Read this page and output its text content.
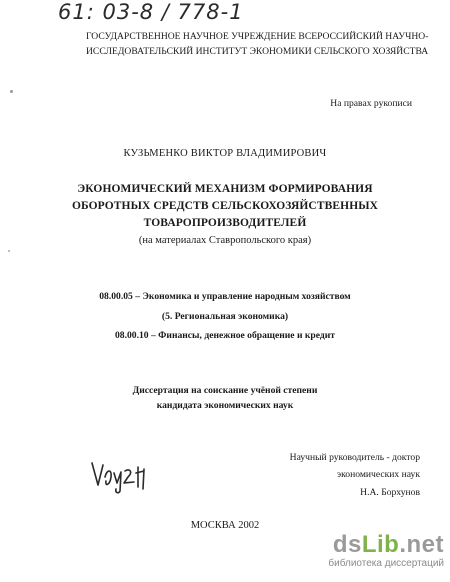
61: 03-8 / 778-1
ГОСУДАРСТВЕННОЕ НАУЧНОЕ УЧРЕЖДЕНИЕ ВСЕРОССИЙСКИЙ НАУЧНО-
ИССЛЕДОВАТЕЛЬСКИЙ ИНСТИТУТ ЭКОНОМИКИ СЕЛЬСКОГО ХОЗЯЙСТВА
На правах рукописи
КУЗЬМЕНКО ВИКТОР ВЛАДИМИРОВИЧ
ЭКОНОМИЧЕСКИЙ МЕХАНИЗМ ФОРМИРОВАНИЯ
ОБОРОТНЫХ СРЕДСТВ СЕЛЬСКОХОЗЯЙСТВЕННЫХ
ТОВАРОПРОИЗВОДИТЕЛЕЙ
(на материалах Ставропольского края)
08.00.05 – Экономика и управление народным хозяйством
(5. Региональная экономика)
08.00.10 – Финансы, денежное обращение и кредит
Диссертация на соискание учёной степени
кандидата экономических наук
Научный руководитель - доктор
экономических наук
Н.А. Борхунов
МОСКВА 2002
dsLib.net
библиотека диссертаций
